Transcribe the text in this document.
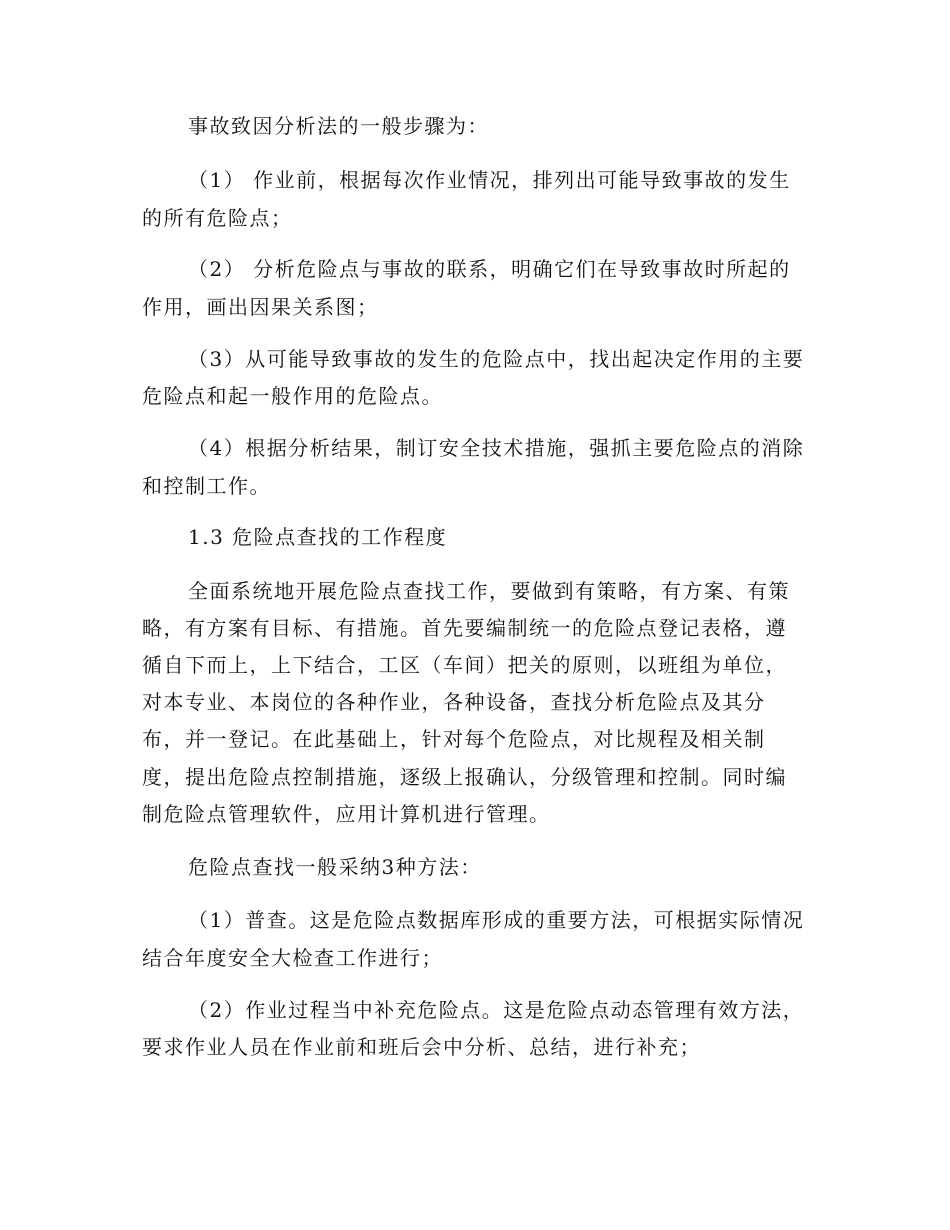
事故致因分析法的一般步骤为：
（1） 作业前，根据每次作业情况，排列出可能导致事故的发生
的所有危险点；
（2） 分析危险点与事故的联系，明确它们在导致事故时所起的
作用，画出因果关系图；
（3）从可能导致事故的发生的危险点中，找出起决定作用的主要
危险点和起一般作用的危险点。
（4）根据分析结果，制订安全技术措施，强抓主要危险点的消除
和控制工作。
1.3 危险点查找的工作程度
全面系统地开展危险点查找工作，要做到有策略，有方案、有策
略，有方案有目标、有措施。首先要编制统一的危险点登记表格，遵
循自下而上，上下结合，工区（车间）把关的原则，以班组为单位，
对本专业、本岗位的各种作业，各种设备，查找分析危险点及其分
布，并一登记。在此基础上，针对每个危险点，对比规程及相关制
度，提出危险点控制措施，逐级上报确认，分级管理和控制。同时编
制危险点管理软件，应用计算机进行管理。
危险点查找一般采纳3种方法：
（1）普查。这是危险点数据库形成的重要方法，可根据实际情况
结合年度安全大检查工作进行；
（2）作业过程当中补充危险点。这是危险点动态管理有效方法，
要求作业人员在作业前和班后会中分析、总结，进行补充；
